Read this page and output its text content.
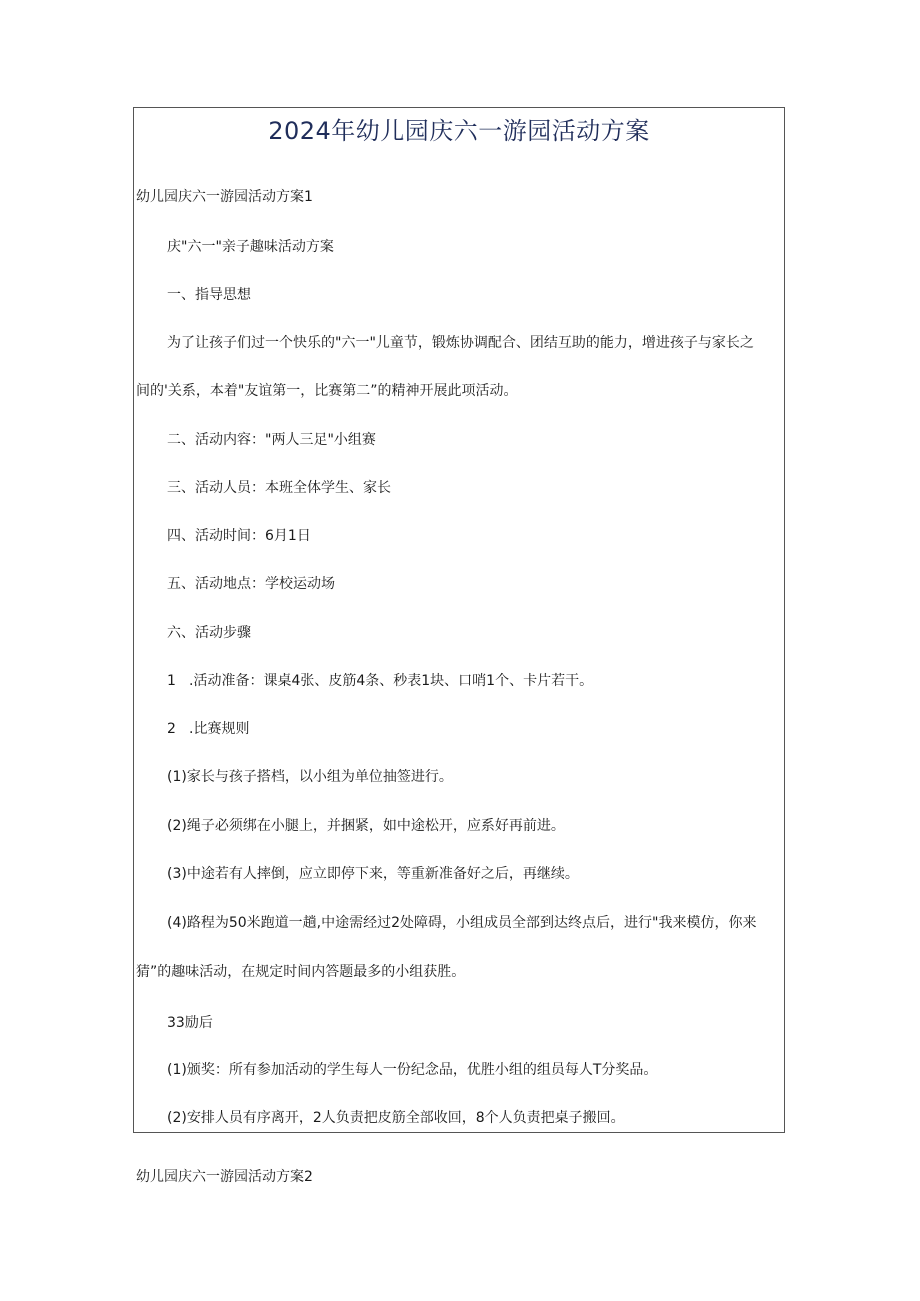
2024年幼儿园庆六一游园活动方案

幼儿园庆六一游园活动方案1

庆"六一"亲子趣味活动方案

一、指导思想

为了让孩子们过一个快乐的"六一"儿童节，锻炼协调配合、团结互助的能力，增进孩子与家长之

间的'关系，本着"友谊第一，比赛第二”的精神开展此项活动。

二、活动内容："两人三足"小组赛

三、活动人员：本班全体学生、家长

四、活动时间：6月1日

五、活动地点：学校运动场

六、活动步骤

1 .活动准备：课桌4张、皮筋4条、秒表1块、口哨1个、卡片若干。

2 .比赛规则

(1)家长与孩子搭档，以小组为单位抽签进行。

(2)绳子必须绑在小腿上，并捆紧，如中途松开，应系好再前进。

(3)中途若有人摔倒，应立即停下来，等重新准备好之后，再继续。

(4)路程为50米跑道一趟,中途需经过2处障碍，小组成员全部到达终点后，进行"我来模仿，你来

猜”的趣味活动，在规定时间内答题最多的小组获胜。

33励后

(1)颁奖：所有参加活动的学生每人一份纪念品，优胜小组的组员每人T分奖品。

(2)安排人员有序离开，2人负责把皮筋全部收回，8个人负责把桌子搬回。

幼儿园庆六一游园活动方案2
